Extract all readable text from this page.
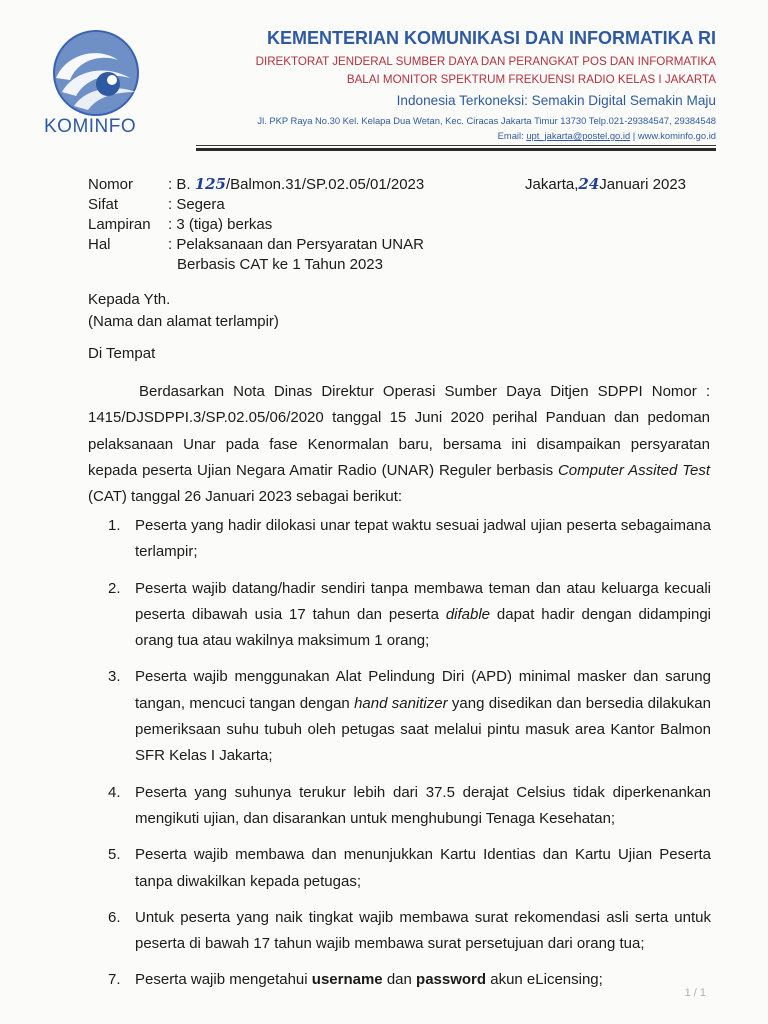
KOMINFO
KEMENTERIAN KOMUNIKASI DAN INFORMATIKA RI
DIREKTORAT JENDERAL SUMBER DAYA DAN PERANGKAT POS DAN INFORMATIKA
BALAI MONITOR SPEKTRUM FREKUENSI RADIO KELAS I JAKARTA
Indonesia Terkoneksi: Semakin Digital Semakin Maju
Jl. PKP Raya No.30 Kel. Kelapa Dua Wetan, Kec. Ciracas Jakarta Timur 13730 Telp.021-29384547, 29384548
Email: upt_jakarta@postel.go.id | www.kominfo.go.id
Nomor : B. 125/Balmon.31/SP.02.05/01/2023
Sifat	: Segera
Lampiran : 3 (tiga) berkas
Hal	: Pelaksanaan dan Persyaratan UNAR
Berbasis CAT ke 1 Tahun 2023
Jakarta,24Januari 2023
Kepada Yth.
(Nama dan alamat terlampir)
Di Tempat
Berdasarkan Nota Dinas Direktur Operasi Sumber Daya Ditjen SDPPI Nomor : 1415/DJSDPPI.3/SP.02.05/06/2020 tanggal 15 Juni 2020 perihal Panduan dan pedoman pelaksanaan Unar pada fase Kenormalan baru, bersama ini disampaikan persyaratan kepada peserta Ujian Negara Amatir Radio (UNAR) Reguler berbasis Computer Assited Test (CAT) tanggal 26 Januari 2023 sebagai berikut:
1. Peserta yang hadir dilokasi unar tepat waktu sesuai jadwal ujian peserta sebagaimana terlampir;
2. Peserta wajib datang/hadir sendiri tanpa membawa teman dan atau keluarga kecuali peserta dibawah usia 17 tahun dan peserta difable dapat hadir dengan didampingi orang tua atau wakilnya maksimum 1 orang;
3. Peserta wajib menggunakan Alat Pelindung Diri (APD) minimal masker dan sarung tangan, mencuci tangan dengan hand sanitizer yang disedikan dan bersedia dilakukan pemeriksaan suhu tubuh oleh petugas saat melalui pintu masuk area Kantor Balmon SFR Kelas I Jakarta;
4. Peserta yang suhunya terukur lebih dari 37.5 derajat Celsius tidak diperkenankan mengikuti ujian, dan disarankan untuk menghubungi Tenaga Kesehatan;
5. Peserta wajib membawa dan menunjukkan Kartu Identias dan Kartu Ujian Peserta tanpa diwakilkan kepada petugas;
6. Untuk peserta yang naik tingkat wajib membawa surat rekomendasi asli serta untuk peserta di bawah 17 tahun wajib membawa surat persetujuan dari orang tua;
7. Peserta wajib mengetahui username dan password akun eLicensing;
1 / 1
